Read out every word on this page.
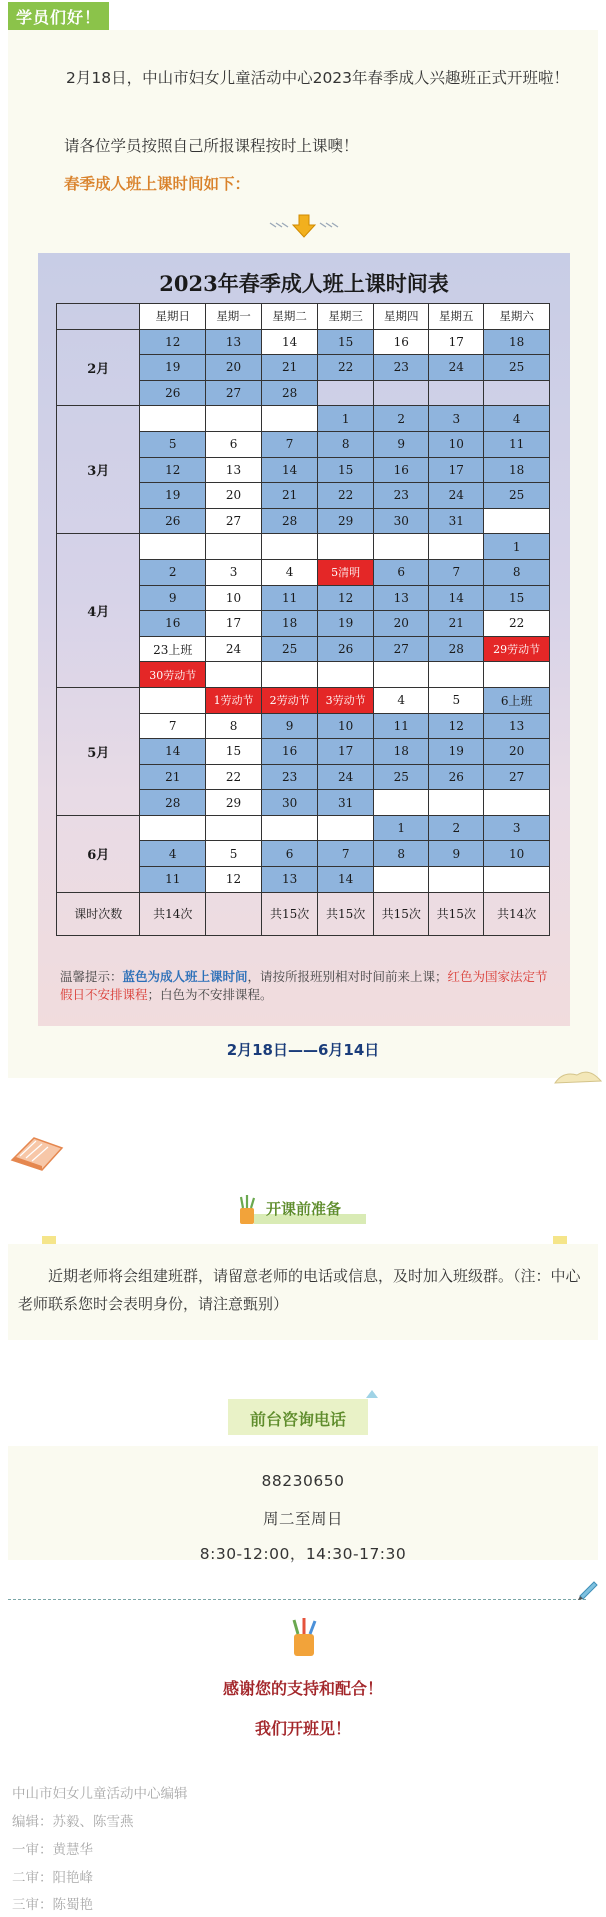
学员们好！
2月18日，中山市妇女儿童活动中心2023年春季成人兴趣班正式开班啦！
请各位学员按照自己所报课程按时上课噢！
春季成人班上课时间如下：
2023年春季成人班上课时间表
	星期日	星期一	星期二	星期三	星期四	星期五	星期六
2月	12	13	14	15	16	17	18
	19	20	21	22	23	24	25
	26	27	28				
3月				1	2	3	4
	5	6	7	8	9	10	11
	12	13	14	15	16	17	18
	19	20	21	22	23	24	25
	26	27	28	29	30	31	
4月							1
	2	3	4	5清明	6	7	8
	9	10	11	12	13	14	15
	16	17	18	19	20	21	22
	23上班	24	25	26	27	28	29劳动节
	30劳动节						
5月		1劳动节	2劳动节	3劳动节	4	5	6上班
	7	8	9	10	11	12	13
	14	15	16	17	18	19	20
	21	22	23	24	25	26	27
	28	29	30	31			
6月					1	2	3
	4	5	6	7	8	9	10
	11	12	13	14			
课时次数	共14次		共15次	共15次	共15次	共15次	共14次
温馨提示：蓝色为成人班上课时间，请按所报班别相对时间前来上课；红色为国家法定节假日不安排课程；白色为不安排课程。
2月18日——6月14日
开课前准备
近期老师将会组建班群，请留意老师的电话或信息，及时加入班级群。（注：中心老师联系您时会表明身份，请注意甄别）
前台咨询电话
88230650
周二至周日
8:30-12:00，14:30-17:30
感谢您的支持和配合！
我们开班见！
中山市妇女儿童活动中心编辑
编辑：苏毅、陈雪燕
一审：黄慧华
二审：阳艳峰
三审：陈蜀艳
